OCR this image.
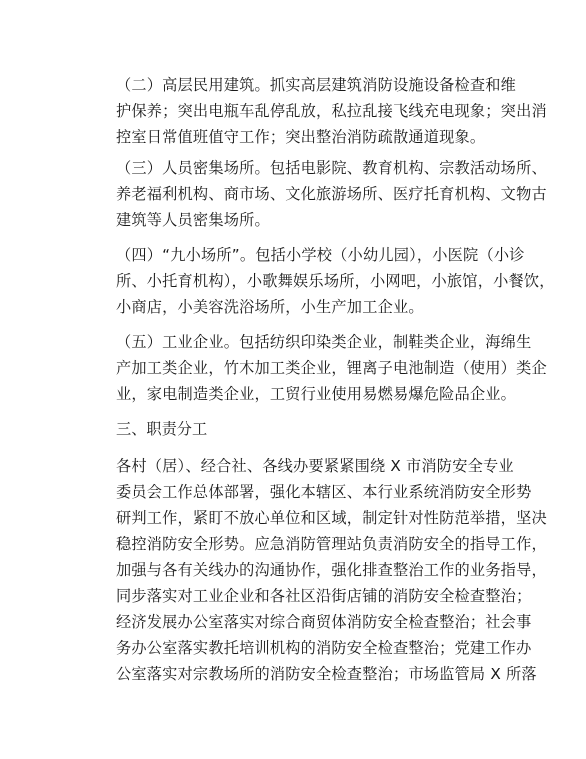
（二）高层民用建筑。抓实高层建筑消防设施设备检查和维
护保养；突出电瓶车乱停乱放，私拉乱接飞线充电现象；突出消
控室日常值班值守工作；突出整治消防疏散通道现象。
（三）人员密集场所。包括电影院、教育机构、宗教活动场所、
养老福利机构、商市场、文化旅游场所、医疗托育机构、文物古
建筑等人员密集场所。
（四）“九小场所”。包括小学校（小幼儿园），小医院（小诊
所、小托育机构），小歌舞娱乐场所，小网吧，小旅馆，小餐饮，
小商店，小美容洗浴场所，小生产加工企业。
（五）工业企业。包括纺织印染类企业，制鞋类企业，海绵生
产加工类企业，竹木加工类企业，锂离子电池制造（使用）类企
业，家电制造类企业，工贸行业使用易燃易爆危险品企业。
三、职责分工
各村（居）、经合社、各线办要紧紧围绕 X 市消防安全专业
委员会工作总体部署，强化本辖区、本行业系统消防安全形势
研判工作，紧盯不放心单位和区域，制定针对性防范举措，坚决
稳控消防安全形势。应急消防管理站负责消防安全的指导工作，
加强与各有关线办的沟通协作，强化排查整治工作的业务指导，
同步落实对工业企业和各社区沿街店铺的消防安全检查整治；
经济发展办公室落实对综合商贸体消防安全检查整治；社会事
务办公室落实教托培训机构的消防安全检查整治；党建工作办
公室落实对宗教场所的消防安全检查整治；市场监管局 X 所落
